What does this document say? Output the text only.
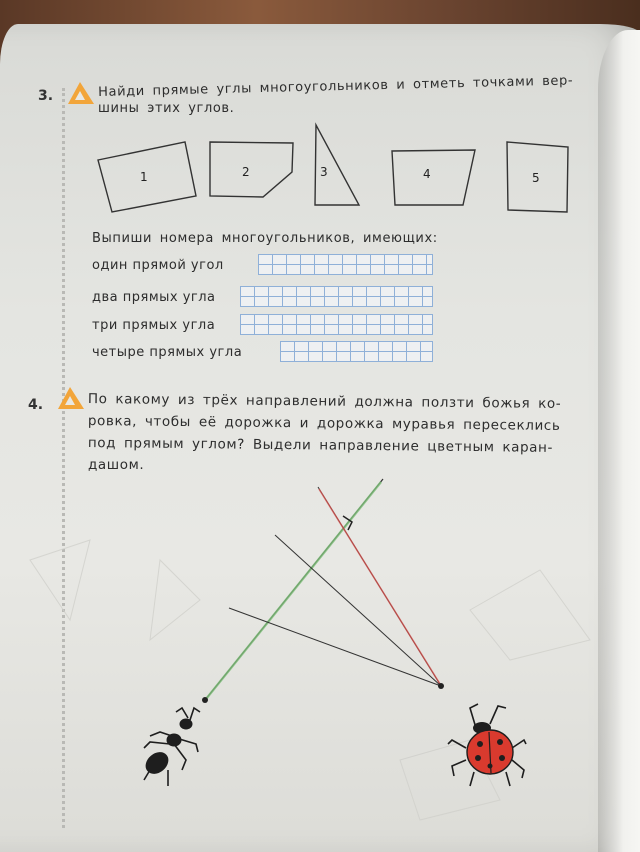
3.	Найди прямые углы многоугольников и отметь точками вер-
шины этих углов.
1	2	3	4	5
Выпиши номера многоугольников, имеющих:
один прямой угол
два прямых угла
три прямых угла
четыре прямых угла
4.	По какому из трёх направлений должна ползти божья ко-
ровка, чтобы её дорожка и дорожка муравья пересеклись
под прямым углом? Выдели направление цветным каран-
дашом.
